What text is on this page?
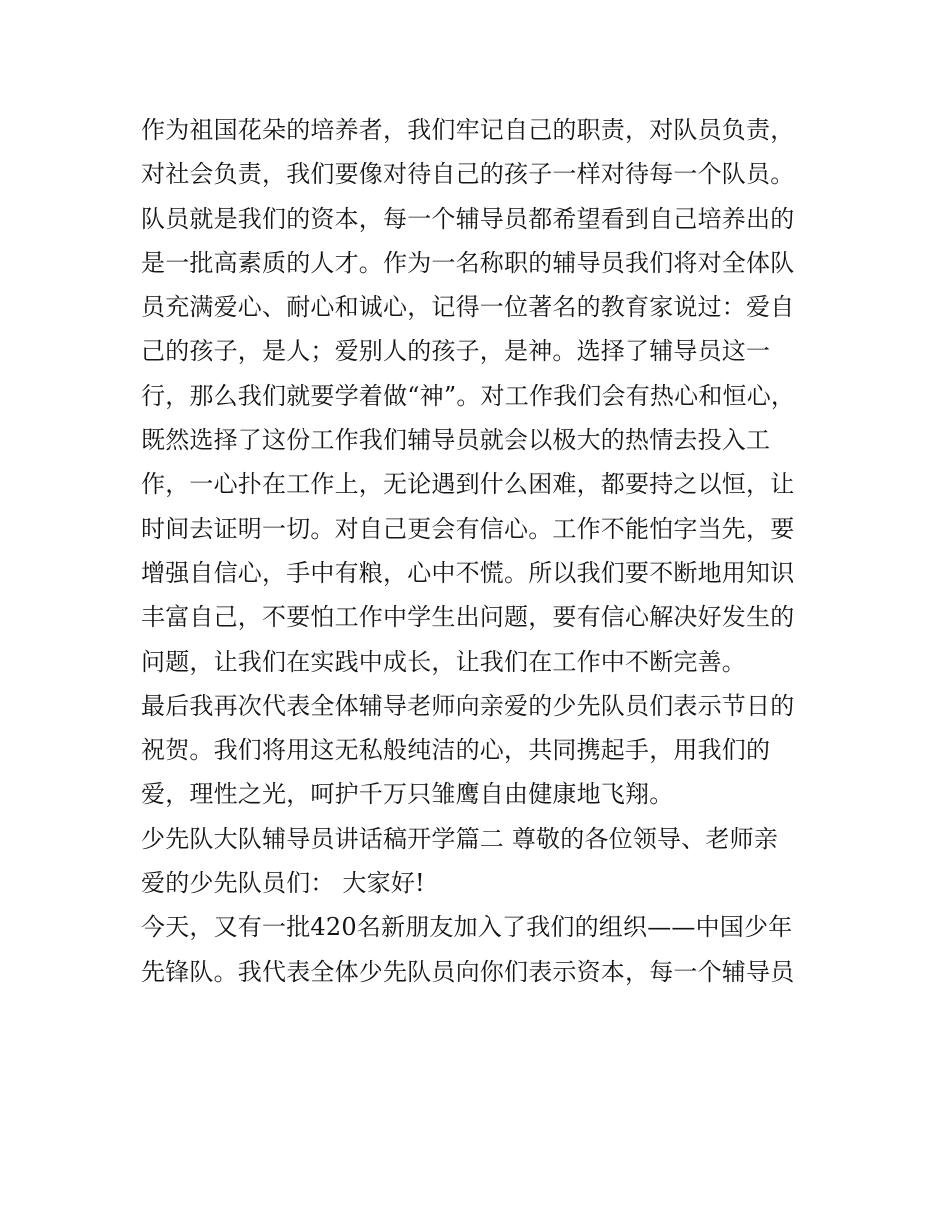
作为祖国花朵的培养者，我们牢记自己的职责，对队员负责，
对社会负责，我们要像对待自己的孩子一样对待每一个队员。
队员就是我们的资本，每一个辅导员都希望看到自己培养出的
是一批高素质的人才。作为一名称职的辅导员我们将对全体队
员充满爱心、耐心和诚心，记得一位著名的教育家说过：爱自
己的孩子，是人；爱别人的孩子，是神。选择了辅导员这一
行，那么我们就要学着做“神”。对工作我们会有热心和恒心，
既然选择了这份工作我们辅导员就会以极大的热情去投入工
作，一心扑在工作上，无论遇到什么困难，都要持之以恒，让
时间去证明一切。对自己更会有信心。工作不能怕字当先，要
增强自信心，手中有粮，心中不慌。所以我们要不断地用知识
丰富自己，不要怕工作中学生出问题，要有信心解决好发生的
问题，让我们在实践中成长，让我们在工作中不断完善。
最后我再次代表全体辅导老师向亲爱的少先队员们表示节日的
祝贺。我们将用这无私般纯洁的心，共同携起手，用我们的
爱，理性之光，呵护千万只雏鹰自由健康地飞翔。
少先队大队辅导员讲话稿开学篇二 尊敬的各位领导、老师亲
爱的少先队员们： 大家好!
今天，又有一批420名新朋友加入了我们的组织——中国少年
先锋队。我代表全体少先队员向你们表示资本，每一个辅导员
